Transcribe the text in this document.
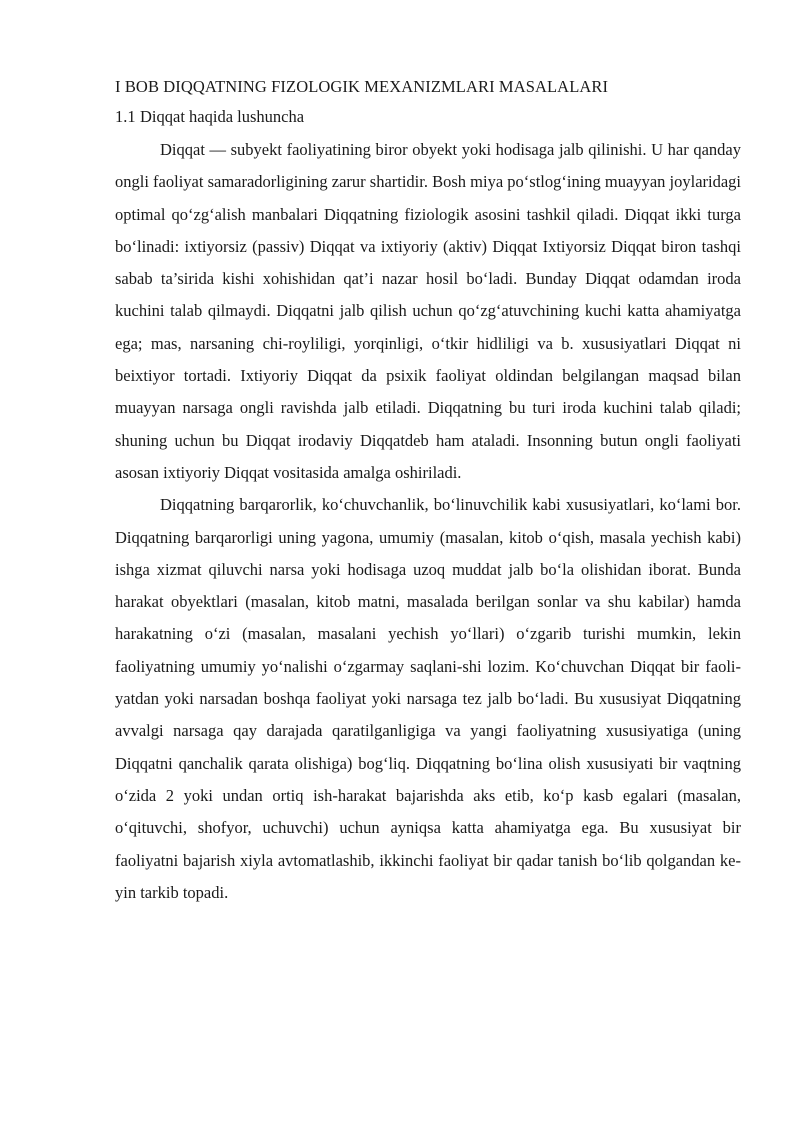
I BOB DIQQATNING FIZOLOGIK MEXANIZMLARI MASALALARI
1.1 Diqqat haqida lushuncha

Diqqat — subyekt faoliyatining biror obyekt yoki hodisaga jalb qilinishi. U har qanday ongli faoliyat samaradorligining zarur shartidir. Bosh miya po‘stlog‘ining muayyan joylaridagi optimal qo‘zg‘alish manbalari Diqqatning fiziologik asosini tashkil qiladi. Diqqat ikki turga bo‘linadi: ixtiyorsiz (passiv) Diqqat va ixtiyoriy (aktiv) Diqqat Ixtiyorsiz Diqqat biron tashqi sabab ta’sirida kishi xohishidan qat’i nazar hosil bo‘ladi. Bunday Diqqat odamdan iroda kuchini talab qilmaydi. Diqqatni jalb qilish uchun qo‘zg‘atuvchining kuchi katta ahamiyatga ega; mas, narsaning chi-royliligi, yorqinligi, o‘tkir hidliligi va b. xususiyatlari Diqqat ni beixtiyor tortadi. Ixtiyoriy Diqqat da psixik faoliyat oldindan belgilangan maqsad bilan muayyan narsaga ongli ravishda jalb etiladi. Diqqatning bu turi iroda kuchini talab qiladi; shuning uchun bu Diqqat irodaviy Diqqatdeb ham ataladi. Insonning butun ongli faoliyati asosan ixtiyoriy Diqqat vositasida amalga oshiriladi.

Diqqatning barqarorlik, ko‘chuvchanlik, bo‘linuvchilik kabi xususiyatlari, ko‘lami bor. Diqqatning barqarorligi uning yagona, umumiy (masalan, kitob o‘qish, masala yechish kabi) ishga xizmat qiluvchi narsa yoki hodisaga uzoq muddat jalb bo‘la olishidan iborat. Bunda harakat obyektlari (masalan, kitob matni, masalada berilgan sonlar va shu kabilar) hamda harakatning o‘zi (masalan, masalani yechish yo‘llari) o‘zgarib turishi mumkin, lekin faoliyatning umumiy yo‘nalishi o‘zgarmay saqlani-shi lozim. Ko‘chuvchan Diqqat bir faoli-yatdan yoki narsadan boshqa faoliyat yoki narsaga tez jalb bo‘ladi. Bu xususiyat Diqqatning avvalgi narsaga qay darajada qaratilganligiga va yangi faoliyatning xususiyatiga (uning Diqqatni qanchalik qarata olishiga) bog‘liq. Diqqatning bo‘lina olish xususiyati bir vaqtning o‘zida 2 yoki undan ortiq ish-harakat bajarishda aks etib, ko‘p kasb egalari (masalan, o‘qituvchi, shofyor, uchuvchi) uchun ayniqsa katta ahamiyatga ega. Bu xususiyat bir faoliyatni bajarish xiyla avtomatlashib, ikkinchi faoliyat bir qadar tanish bo‘lib qolgandan ke-yin tarkib topadi.
